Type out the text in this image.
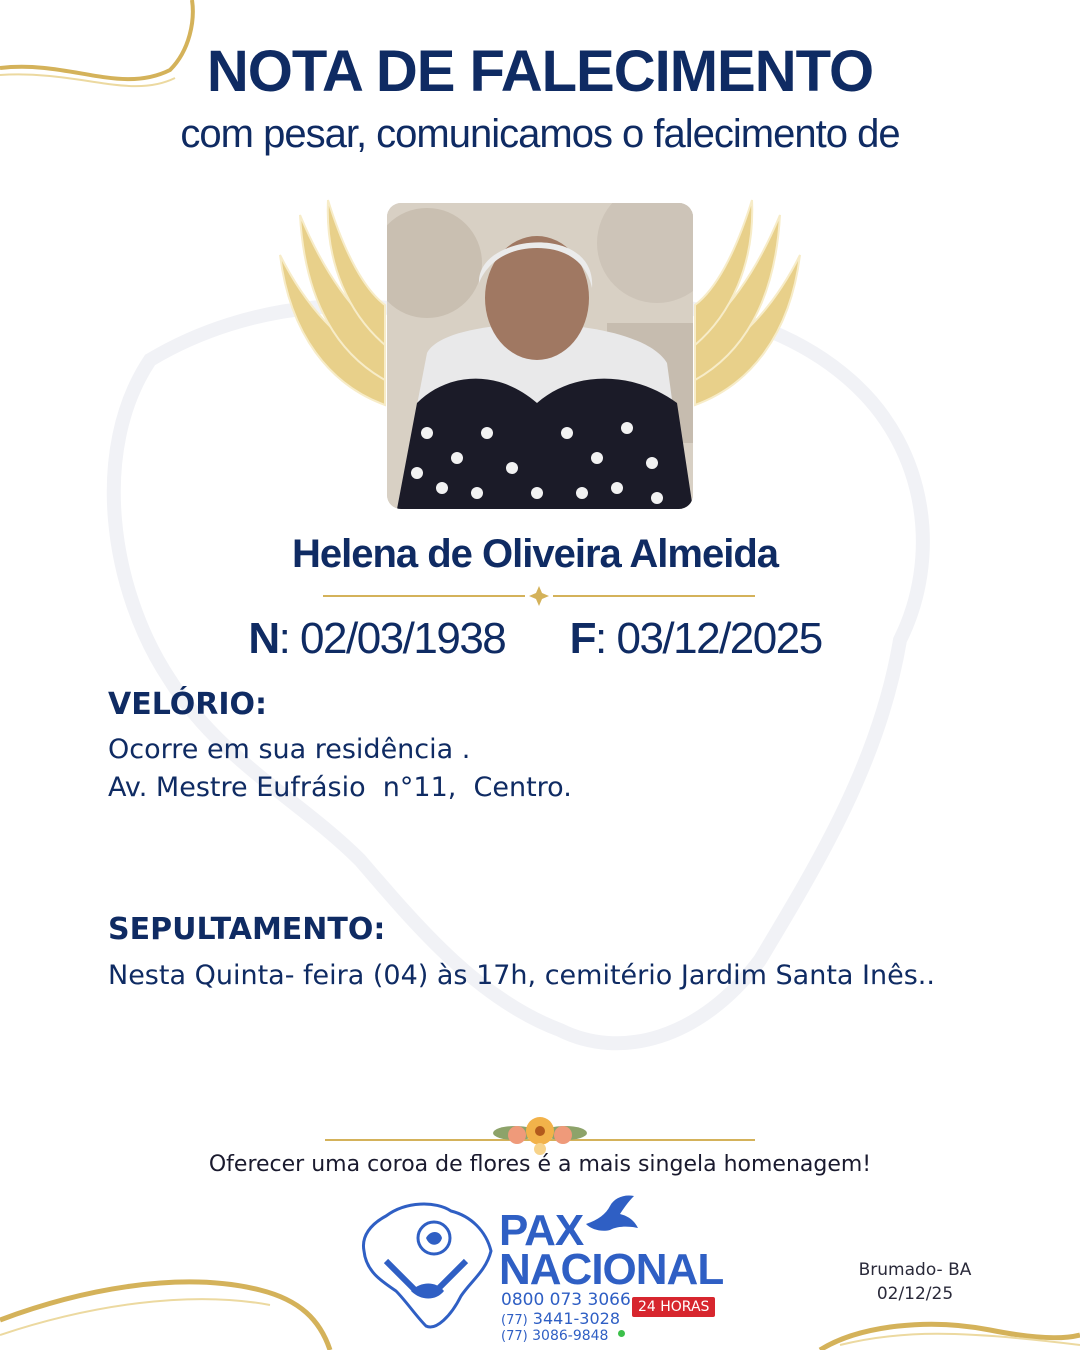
NOTA DE FALECIMENTO
com pesar, comunicamos o falecimento de
Helena de Oliveira Almeida
N: 02/03/1938 F: 03/12/2025
VELÓRIO:
Ocorre em sua residência .
Av. Mestre Eufrásio  n°11,  Centro.
SEPULTAMENTO:
Nesta Quinta- feira (04) às 17h, cemitério Jardim Santa Inês..
Oferecer uma coroa de flores é a mais singela homenagem!
PAX
NACIONAL
0800 073 3066
(77) 3441-3028
(77) 3086-9848
24 HORAS
Brumado- BA
02/12/25
